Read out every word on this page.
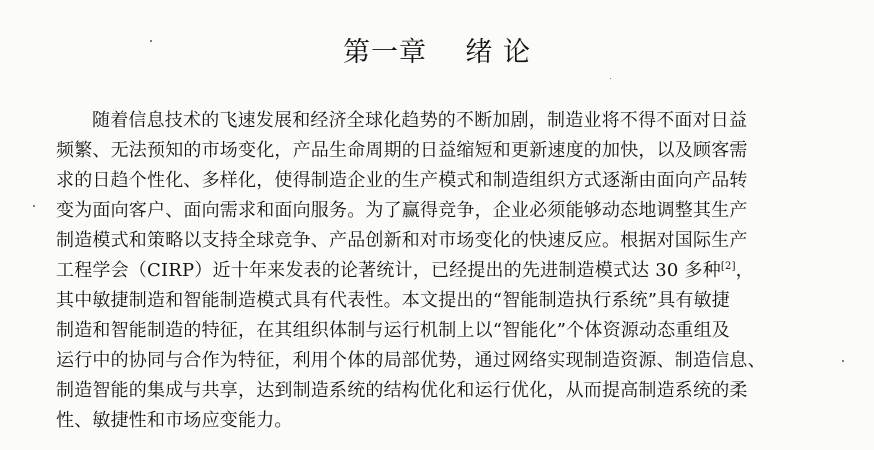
第一章    绪 论
随着信息技术的飞速发展和经济全球化趋势的不断加剧，制造业将不得不面对日益
频繁、无法预知的市场变化，产品生命周期的日益缩短和更新速度的加快，以及顾客需
求的日趋个性化、多样化，使得制造企业的生产模式和制造组织方式逐渐由面向产品转
变为面向客户、面向需求和面向服务。为了赢得竞争，企业必须能够动态地调整其生产
制造模式和策略以支持全球竞争、产品创新和对市场变化的快速反应。根据对国际生产
工程学会（CIRP）近十年来发表的论著统计，已经提出的先进制造模式达 30 多种[2]，
其中敏捷制造和智能制造模式具有代表性。本文提出的“智能制造执行系统”具有敏捷
制造和智能制造的特征，在其组织体制与运行机制上以“智能化”个体资源动态重组及
运行中的协同与合作为特征，利用个体的局部优势，通过网络实现制造资源、制造信息、
制造智能的集成与共享，达到制造系统的结构优化和运行优化，从而提高制造系统的柔
性、敏捷性和市场应变能力。
